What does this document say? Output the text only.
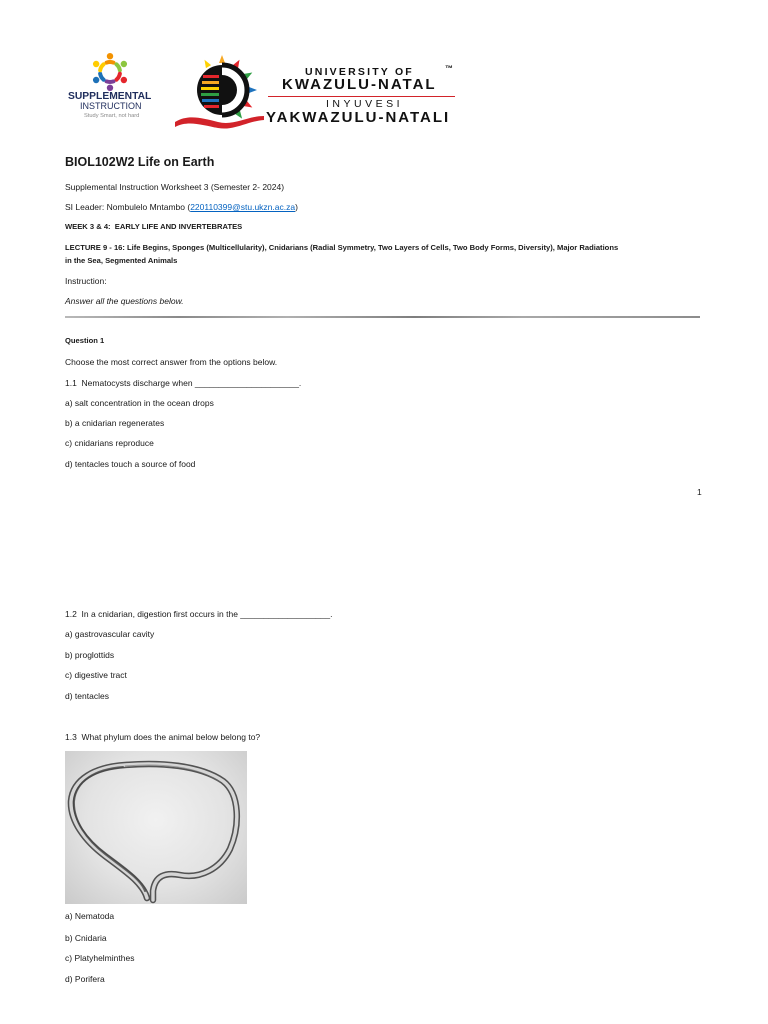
SUPPLEMENTAL
INSTRUCTION
Study Smart, not hard
UNIVERSITY OF	™
KWAZULU-NATAL
INYUVESI
YAKWAZULU-NATALI
BIOL102W2 Life on Earth
Supplemental Instruction Worksheet 3 (Semester 2- 2024)
SI Leader: Nombulelo Mntambo (220110399@stu.ukzn.ac.za)
WEEK 3 & 4:  EARLY LIFE AND INVERTEBRATES
LECTURE 9 - 16: Life Begins, Sponges (Multicellularity), Cnidarians (Radial Symmetry, Two Layers of Cells, Two Body Forms, Diversity), Major Radiations
in the Sea, Segmented Animals
Instruction:
Answer all the questions below.
Question 1
Choose the most correct answer from the options below.
1.1  Nematocysts discharge when ______________________.
a) salt concentration in the ocean drops
b) a cnidarian regenerates
c) cnidarians reproduce
d) tentacles touch a source of food
1
1.2  In a cnidarian, digestion first occurs in the ___________________.
a) gastrovascular cavity
b) proglottids
c) digestive tract
d) tentacles
1.3  What phylum does the animal below belong to?
a) Nematoda
b) Cnidaria
c) Platyhelminthes
d) Porifera
